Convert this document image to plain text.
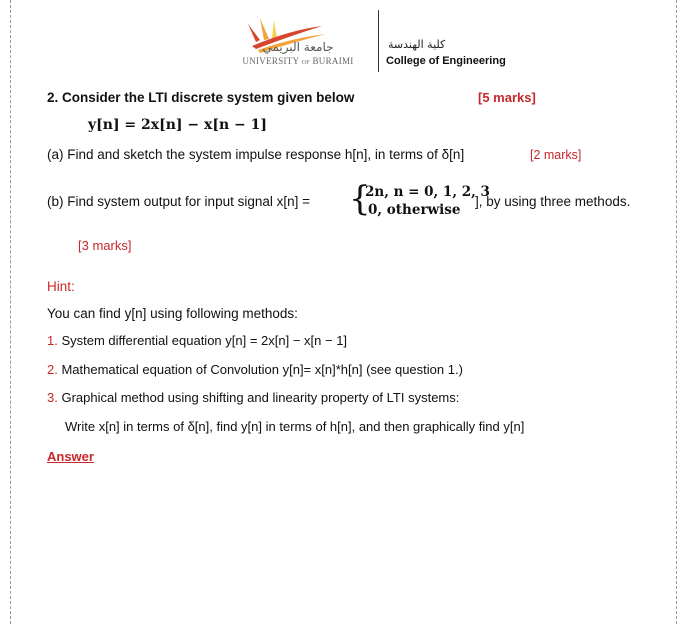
جامعة البريمي
UNIVERSITY OF BURAIMI
كلية الهندسة
College of Engineering
2. Consider the LTI discrete system given below	[5 marks]
y[n] = 2x[n] − x[n − 1]
(a) Find and sketch the system impulse response h[n], in terms of δ[n]	[2 marks]
(b) Find system output for input signal x[n] = {
2n, n = 0, 1, 2, 3
0, otherwise
], by using three methods.
[3 marks]
Hint:
You can find y[n] using following methods:
1. System differential equation y[n] = 2x[n] − x[n − 1]
2. Mathematical equation of Convolution y[n]= x[n]*h[n] (see question 1.)
3. Graphical method using shifting and linearity property of LTI systems:
Write x[n] in terms of δ[n], find y[n] in terms of h[n], and then graphically find y[n]
Answer
